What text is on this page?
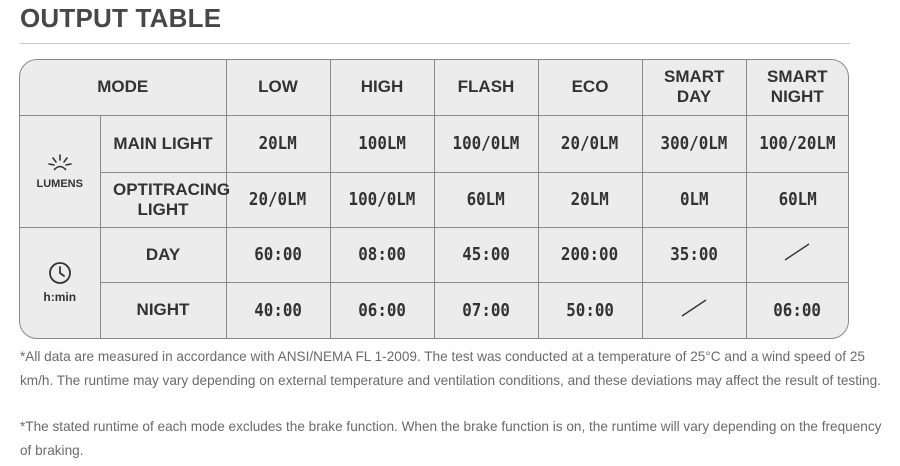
OUTPUT TABLE
MODE		LOW	HIGH	FLASH	ECO	SMART DAY	SMART NIGHT

LUMENS	MAIN LIGHT	20LM	100LM	100/0LM	20/0LM	300/0LM	100/20LM

	OPTITRACING LIGHT	20/0LM	100/0LM	60LM	20LM	0LM	60LM

h:min	DAY	60:00	08:00	45:00	200:00	35:00	
	NIGHT	40:00	06:00	07:00	50:00		06:00
*All data are measured in accordance with ANSI/NEMA FL 1-2009. The test was conducted at a temperature of 25°C and a wind speed of 25 km/h. The runtime may vary depending on external temperature and ventilation conditions, and these deviations may affect the result of testing.
*The stated runtime of each mode excludes the brake function. When the brake function is on, the runtime will vary depending on the frequency of braking.
